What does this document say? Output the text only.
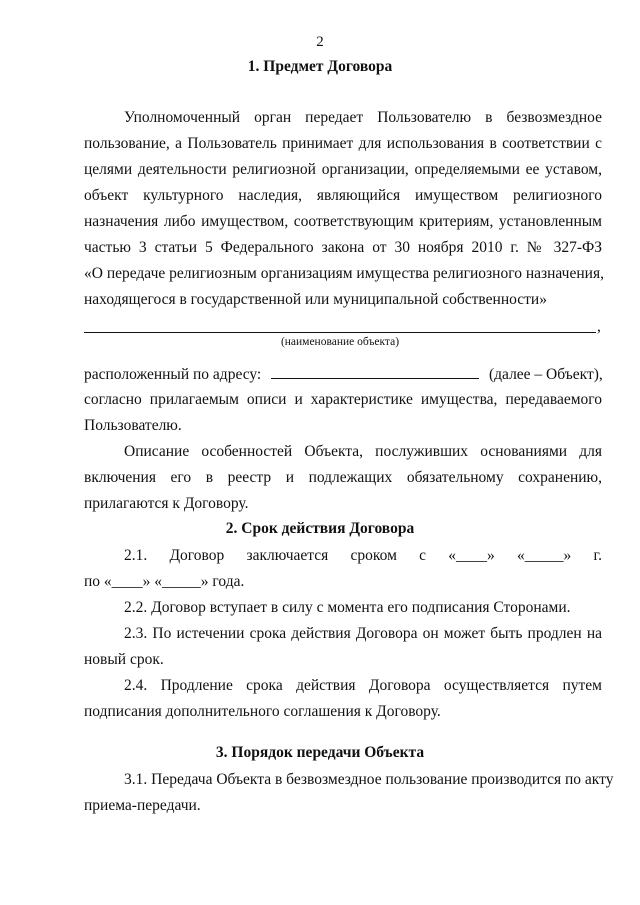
2
1. Предмет Договора
Уполномоченный орган передает Пользователю в безвозмездное
пользование, а Пользователь принимает для использования в соответствии с
целями деятельности религиозной организации, определяемыми ее уставом,
объект культурного наследия, являющийся имуществом религиозного
назначения либо имуществом, соответствующим критериям, установленным
частью 3 статьи 5 Федерального закона от 30 ноября 2010 г. № 327-ФЗ
«О передаче религиозным организациям имущества религиозного назначения,
находящегося в государственной или муниципальной собственности»
,
(наименование объекта)
расположенный по адресу:	(далее – Объект),
согласно прилагаемым описи и характеристике имущества, передаваемого
Пользователю.
Описание особенностей Объекта, послуживших основаниями для
включения его в реестр и подлежащих обязательному сохранению,
прилагаются к Договору.
2. Срок действия Договора
2.1. Договор заключается сроком с «____» «_____» г.
по «____» «_____» года.
2.2. Договор вступает в силу с момента его подписания Сторонами.
2.3. По истечении срока действия Договора он может быть продлен на
новый срок.
2.4. Продление срока действия Договора осуществляется путем
подписания дополнительного соглашения к Договору.
3. Порядок передачи Объекта
3.1. Передача Объекта в безвозмездное пользование производится по акту
приема-передачи.
